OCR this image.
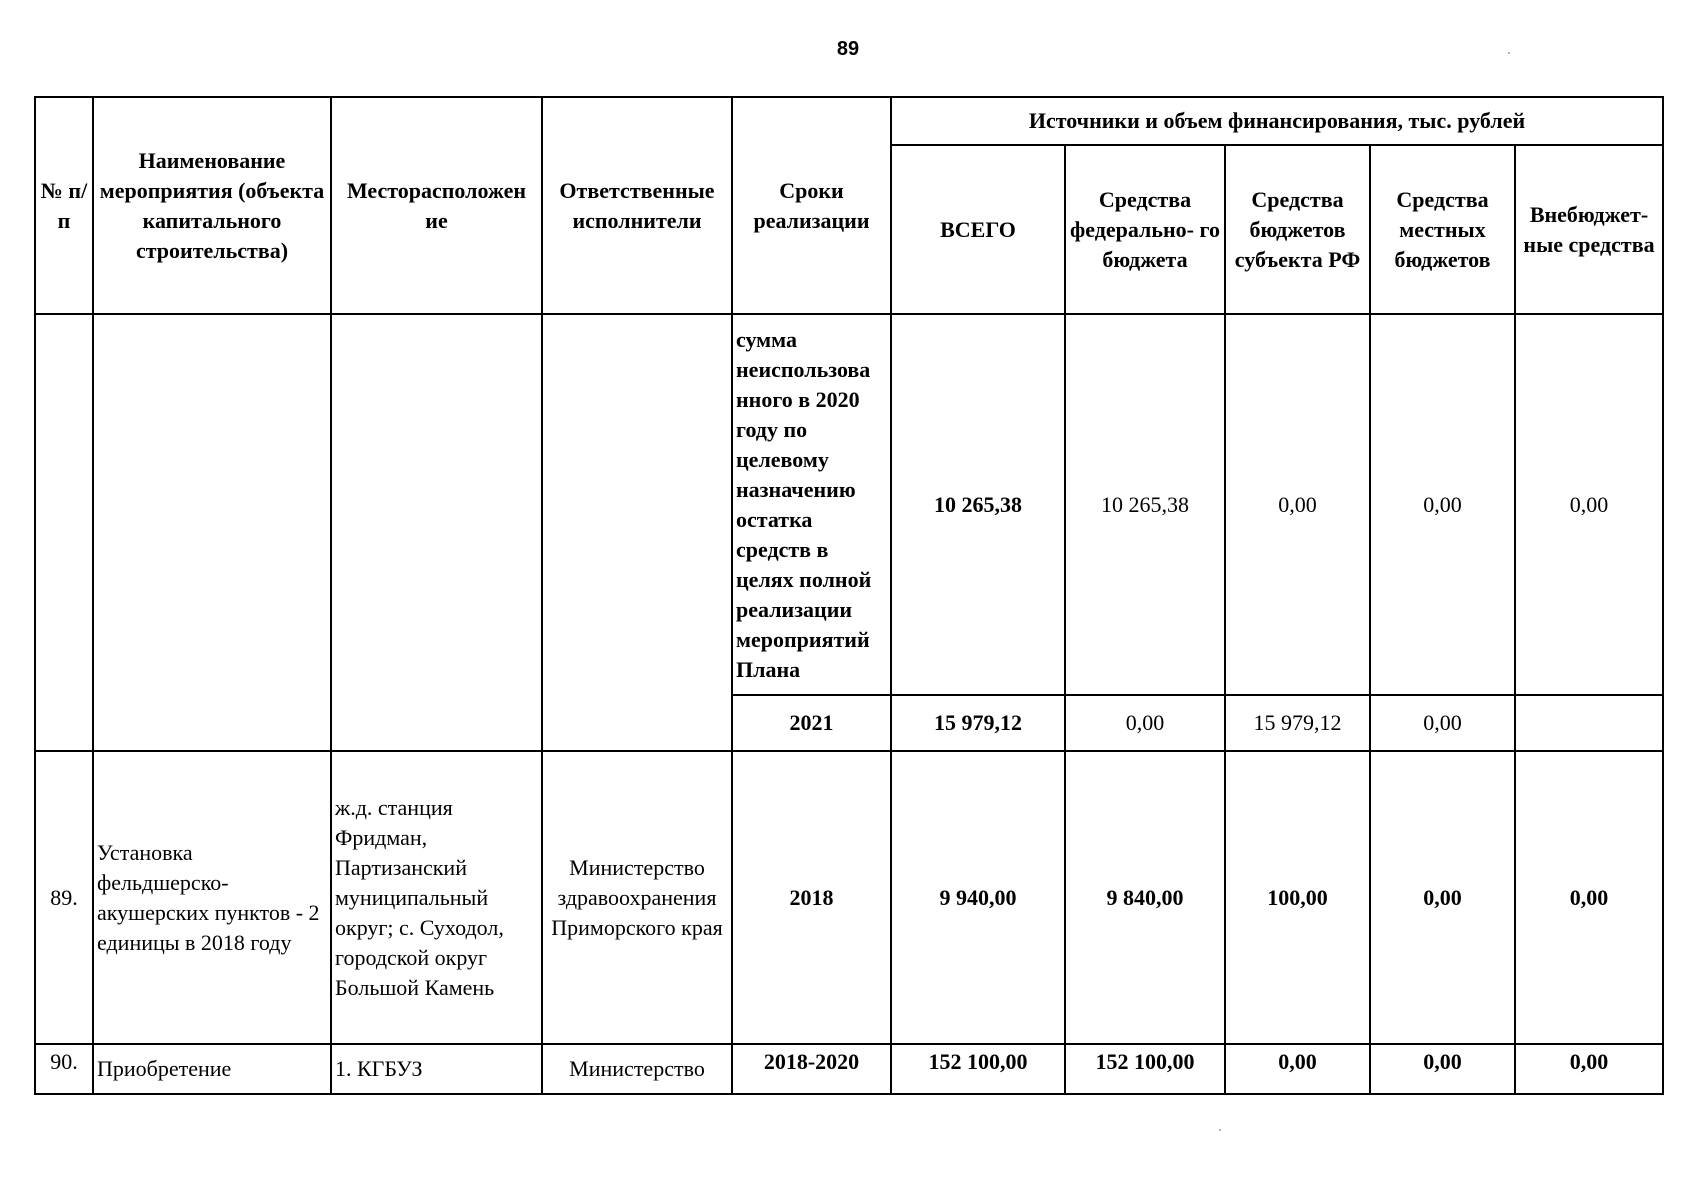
89
№ п/п	Наименование мероприятия (объекта капитального строительства)	Месторасположен ие	Ответственные исполнители	Сроки реализации	Источники и объем финансирования, тыс. рублей				
					ВСЕГО	Средства федерально- го бюджета	Средства бюджетов субъекта РФ	Средства местных бюджетов	Внебюджет- ные средства
				сумма неиспользова нного в 2020 году по целевому назначению остатка средств в целях полной реализации мероприятий Плана	10 265,38	10 265,38	0,00	0,00	0,00
				2021	15 979,12	0,00	15 979,12	0,00	
89.	Установка фельдшерско-акушерских пунктов - 2 единицы в 2018 году	ж.д. станция Фридман, Партизанский муниципальный округ; с. Суходол, городской округ Большой Камень	Министерство здравоохранения Приморского края	2018	9 940,00	9 840,00	100,00	0,00	0,00
90.	Приобретение	1. КГБУЗ	Министерство	2018-2020	152 100,00	152 100,00	0,00	0,00	0,00
